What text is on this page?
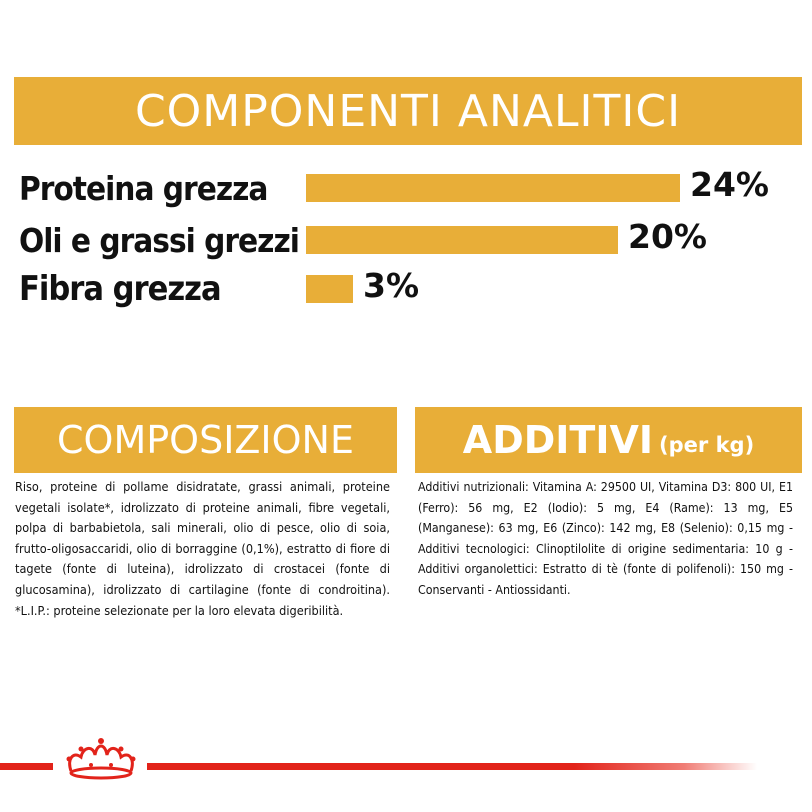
COMPONENTI ANALITICI
Proteina grezza	24%
Oli e grassi grezzi	20%
Fibra grezza	3%
COMPOSIZIONE	ADDITIVI (per kg)
Riso, proteine di pollame disidratate, grassi animali, proteine vegetali isolate*, idrolizzato di proteine animali, fibre vegetali, polpa di barbabietola, sali minerali, olio di pesce, olio di soia, frutto-oligosaccaridi, olio di borraggine (0,1%), estratto di fiore di tagete (fonte di luteina), idrolizzato di crostacei (fonte di glucosamina), idrolizzato di cartilagine (fonte di condroitina). *L.I.P.: proteine selezionate per la loro elevata digeribilità.
Additivi nutrizionali: Vitamina A: 29500 UI, Vitamina D3: 800 UI, E1 (Ferro): 56 mg, E2 (Iodio): 5 mg, E4 (Rame): 13 mg, E5 (Manganese): 63 mg, E6 (Zinco): 142 mg, E8 (Selenio): 0,15 mg - Additivi tecnologici: Clinoptilolite di origine sedimentaria: 10 g - Additivi organolettici: Estratto di tè (fonte di polifenoli): 150 mg - Conservanti - Antiossidanti.
